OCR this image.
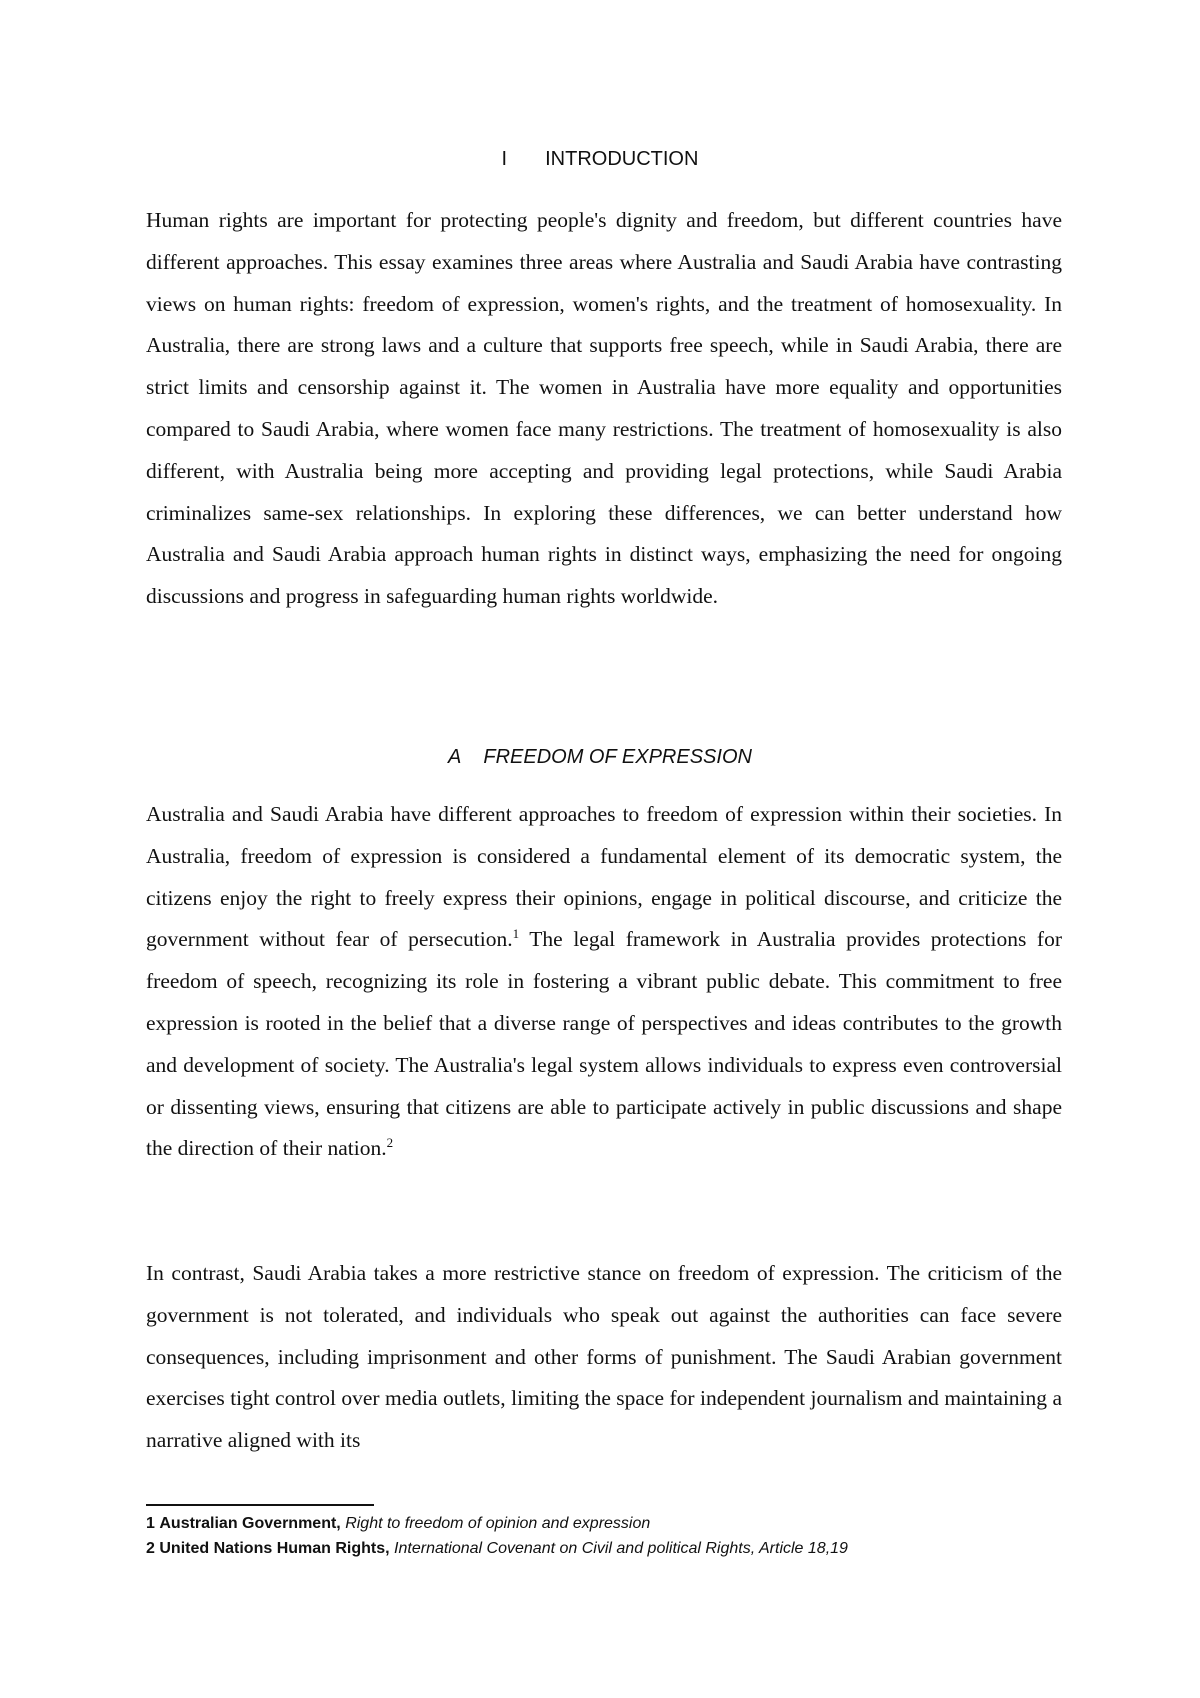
I INTRODUCTION

Human rights are important for protecting people's dignity and freedom, but different countries have different approaches. This essay examines three areas where Australia and Saudi Arabia have contrasting views on human rights: freedom of expression, women's rights, and the treatment of homosexuality. In Australia, there are strong laws and a culture that supports free speech, while in Saudi Arabia, there are strict limits and censorship against it. The women in Australia have more equality and opportunities compared to Saudi Arabia, where women face many restrictions. The treatment of homosexuality is also different, with Australia being more accepting and providing legal protections, while Saudi Arabia criminalizes same-sex relationships. In exploring these differences, we can better understand how Australia and Saudi Arabia approach human rights in distinct ways, emphasizing the need for ongoing discussions and progress in safeguarding human rights worldwide.

A FREEDOM OF EXPRESSION

Australia and Saudi Arabia have different approaches to freedom of expression within their societies. In Australia, freedom of expression is considered a fundamental element of its democratic system, the citizens enjoy the right to freely express their opinions, engage in political discourse, and criticize the government without fear of persecution.$^1$ The legal framework in Australia provides protections for freedom of speech, recognizing its role in fostering a vibrant public debate. This commitment to free expression is rooted in the belief that a diverse range of perspectives and ideas contributes to the growth and development of society. The Australia's legal system allows individuals to express even controversial or dissenting views, ensuring that citizens are able to participate actively in public discussions and shape the direction of their nation.$^2$

In contrast, Saudi Arabia takes a more restrictive stance on freedom of expression. The criticism of the government is not tolerated, and individuals who speak out against the authorities can face severe consequences, including imprisonment and other forms of punishment. The Saudi Arabian government exercises tight control over media outlets, limiting the space for independent journalism and maintaining a narrative aligned with its

1 Australian Government, Right to freedom of opinion and expression
2 United Nations Human Rights, International Covenant on Civil and political Rights, Article 18,19
